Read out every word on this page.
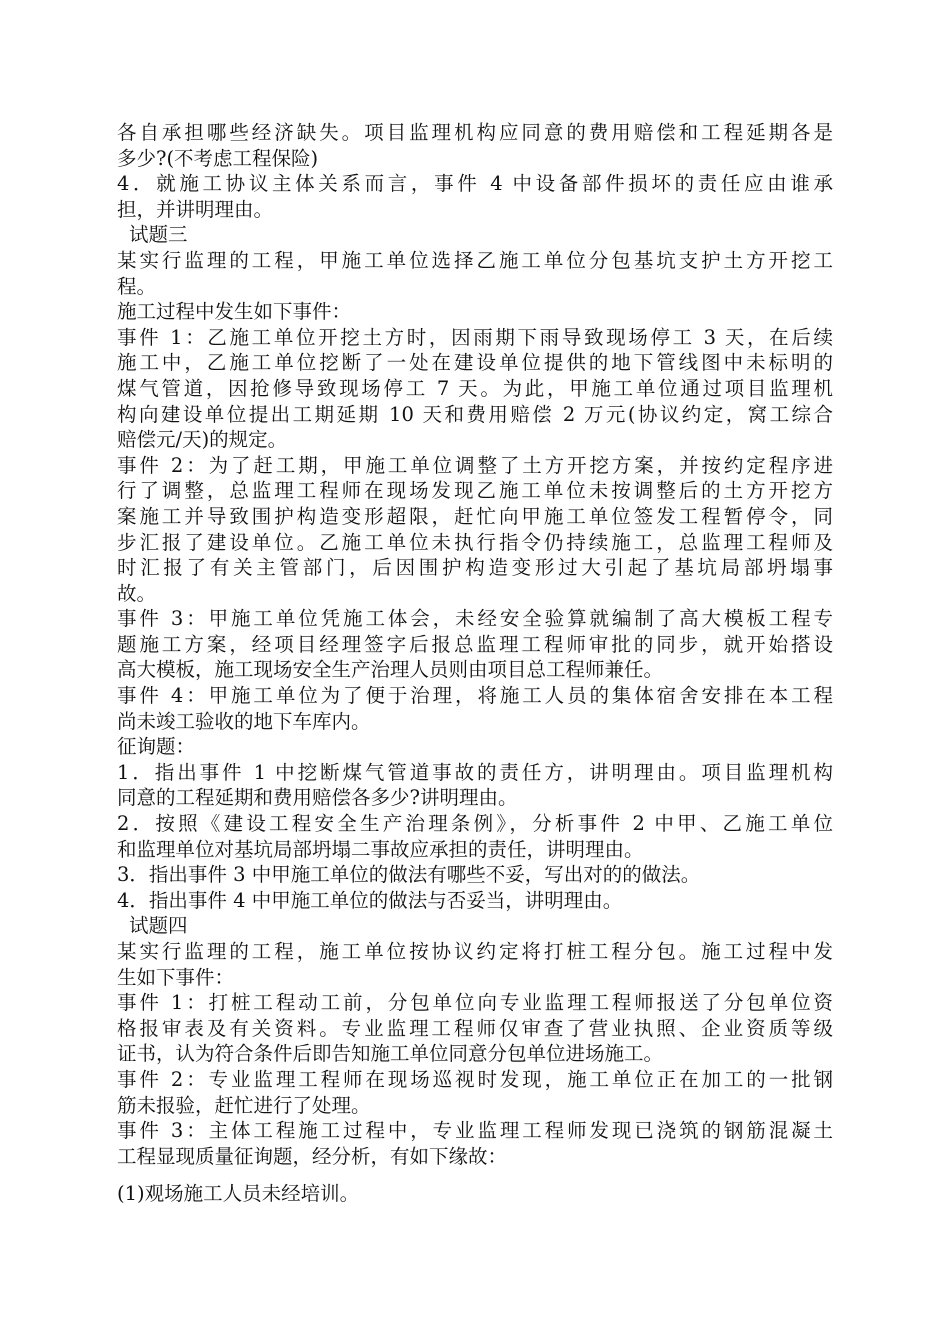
各自承担哪些经济缺失。项目监理机构应同意的费用赔偿和工程延期各是
多少?(不考虑工程保险)
4．就施工协议主体关系而言，事件 4 中设备部件损坏的责任应由谁承
担，并讲明理由。
试题三
某实行监理的工程，甲施工单位选择乙施工单位分包基坑支护土方开挖工
程。
施工过程中发生如下事件：
事件 1：乙施工单位开挖土方时，因雨期下雨导致现场停工 3 天，在后续
施工中，乙施工单位挖断了一处在建设单位提供的地下管线图中未标明的
煤气管道，因抢修导致现场停工 7 天。为此，甲施工单位通过项目监理机
构向建设单位提出工期延期 10 天和费用赔偿 2 万元(协议约定，窝工综合
赔偿元/天)的规定。
事件 2：为了赶工期，甲施工单位调整了土方开挖方案，并按约定程序进
行了调整，总监理工程师在现场发现乙施工单位未按调整后的土方开挖方
案施工并导致围护构造变形超限，赶忙向甲施工单位签发工程暂停令，同
步汇报了建设单位。乙施工单位未执行指令仍持续施工，总监理工程师及
时汇报了有关主管部门，后因围护构造变形过大引起了基坑局部坍塌事
故。
事件 3：甲施工单位凭施工体会，未经安全验算就编制了高大模板工程专
题施工方案，经项目经理签字后报总监理工程师审批的同步，就开始搭设
高大模板，施工现场安全生产治理人员则由项目总工程师兼任。
事件 4：甲施工单位为了便于治理，将施工人员的集体宿舍安排在本工程
尚未竣工验收的地下车库内。
征询题：
1．指出事件 1 中挖断煤气管道事故的责任方，讲明理由。项目监理机构
同意的工程延期和费用赔偿各多少?讲明理由。
2．按照《建设工程安全生产治理条例》，分析事件 2 中甲、乙施工单位
和监理单位对基坑局部坍塌二事故应承担的责任，讲明理由。
3．指出事件 3 中甲施工单位的做法有哪些不妥，写出对的的做法。
4．指出事件 4 中甲施工单位的做法与否妥当，讲明理由。
试题四
某实行监理的工程，施工单位按协议约定将打桩工程分包。施工过程中发
生如下事件：
事件 1：打桩工程动工前，分包单位向专业监理工程师报送了分包单位资
格报审表及有关资料。专业监理工程师仅审查了营业执照、企业资质等级
证书，认为符合条件后即告知施工单位同意分包单位进场施工。
事件 2：专业监理工程师在现场巡视时发现，施工单位正在加工的一批钢
筋未报验，赶忙进行了处理。
事件 3：主体工程施工过程中，专业监理工程师发现已浇筑的钢筋混凝土
工程显现质量征询题，经分析，有如下缘故：
(1)观场施工人员未经培训。
